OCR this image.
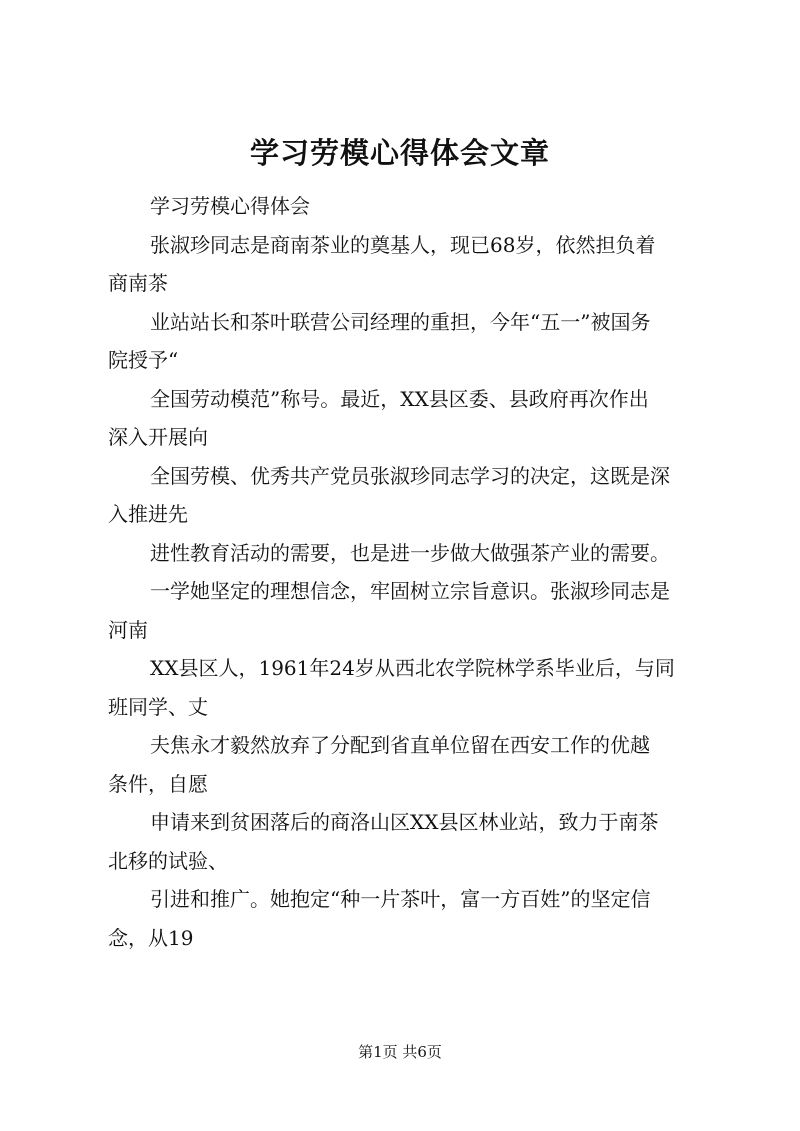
学习劳模心得体会文章
学习劳模心得体会
张淑珍同志是商南茶业的奠基人，现已68岁，依然担负着
商南茶
业站站长和茶叶联营公司经理的重担，今年“五一”被国务
院授予“
全国劳动模范”称号。最近，XX县区委、县政府再次作出
深入开展向
全国劳模、优秀共产党员张淑珍同志学习的决定，这既是深
入推进先
进性教育活动的需要，也是进一步做大做强茶产业的需要。
一学她坚定的理想信念，牢固树立宗旨意识。张淑珍同志是
河南
XX县区人，1961年24岁从西北农学院林学系毕业后，与同
班同学、丈
夫焦永才毅然放弃了分配到省直单位留在西安工作的优越
条件，自愿
申请来到贫困落后的商洛山区XX县区林业站，致力于南茶
北移的试验、
引进和推广。她抱定“种一片茶叶，富一方百姓”的坚定信
念，从19
第1页 共6页
